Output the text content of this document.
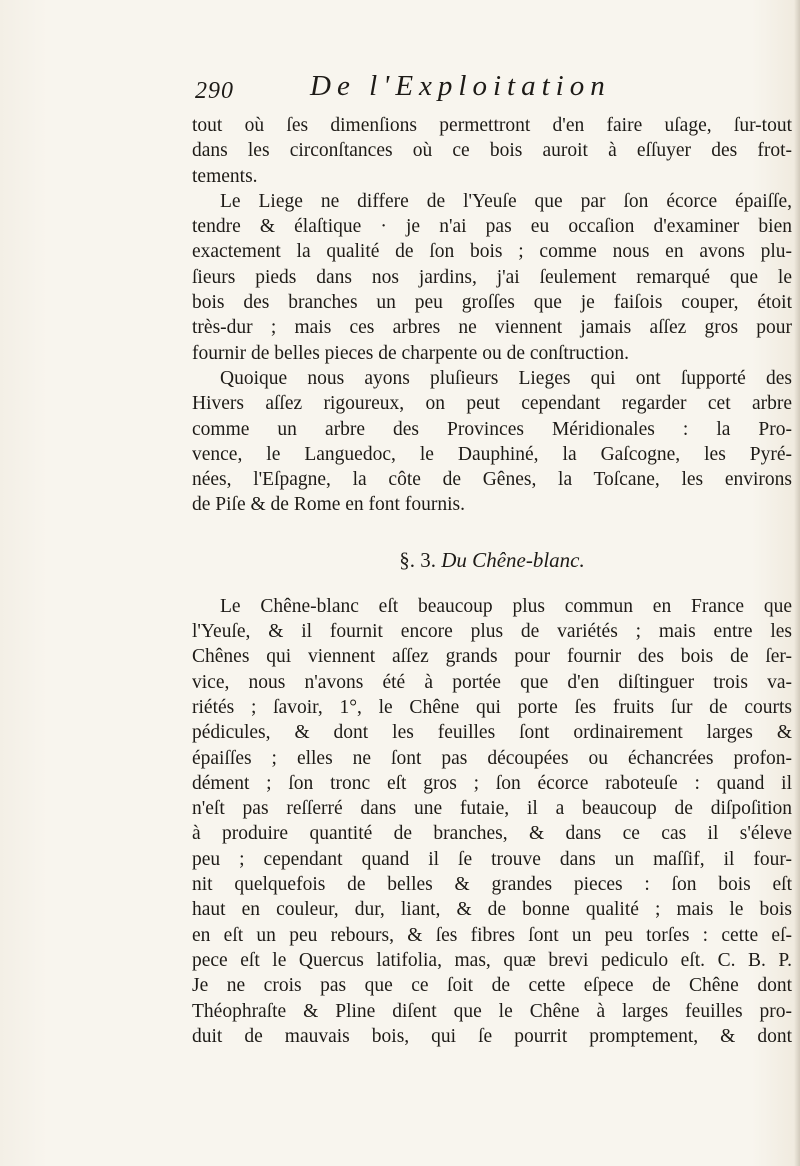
290	De l'Exploitation
tout où ſes dimenſions permettront d'en faire uſage, ſur-tout
dans les circonſtances où ce bois auroit à eſſuyer des frot-
tements.
Le Liege ne differe de l'Yeuſe que par ſon écorce épaiſſe,
tendre & élaſtique · je n'ai pas eu occaſion d'examiner bien
exactement la qualité de ſon bois ; comme nous en avons plu-
ſieurs pieds dans nos jardins, j'ai ſeulement remarqué que le
bois des branches un peu groſſes que je faiſois couper, étoit
très-dur ; mais ces arbres ne viennent jamais aſſez gros pour
fournir de belles pieces de charpente ou de conſtruction.
Quoique nous ayons pluſieurs Lieges qui ont ſupporté des
Hivers aſſez rigoureux, on peut cependant regarder cet arbre
comme un arbre des Provinces Méridionales : la Pro-
vence, le Languedoc, le Dauphiné, la Gaſcogne, les Pyré-
nées, l'Eſpagne, la côte de Gênes, la Toſcane, les environs
de Piſe & de Rome en font fournis.
§. 3. Du Chêne-blanc.
Le Chêne-blanc eſt beaucoup plus commun en France que
l'Yeuſe, & il fournit encore plus de variétés ; mais entre les
Chênes qui viennent aſſez grands pour fournir des bois de ſer-
vice, nous n'avons été à portée que d'en diſtinguer trois va-
riétés ; ſavoir, 1°, le Chêne qui porte ſes fruits ſur de courts
pédicules, & dont les feuilles ſont ordinairement larges &
épaiſſes ; elles ne ſont pas découpées ou échancrées profon-
dément ; ſon tronc eſt gros ; ſon écorce raboteuſe : quand il
n'eſt pas reſſerré dans une futaie, il a beaucoup de diſpoſition
à produire quantité de branches, & dans ce cas il s'éleve
peu ; cependant quand il ſe trouve dans un maſſif, il four-
nit quelquefois de belles & grandes pieces : ſon bois eſt
haut en couleur, dur, liant, & de bonne qualité ; mais le bois
en eſt un peu rebours, & ſes fibres ſont un peu torſes : cette eſ-
pece eſt le Quercus latifolia, mas, quæ brevi pediculo eſt. C. B. P.
Je ne crois pas que ce ſoit de cette eſpece de Chêne dont
Théophraſte & Pline diſent que le Chêne à larges feuilles pro-
duit de mauvais bois, qui ſe pourrit promptement, & dont
